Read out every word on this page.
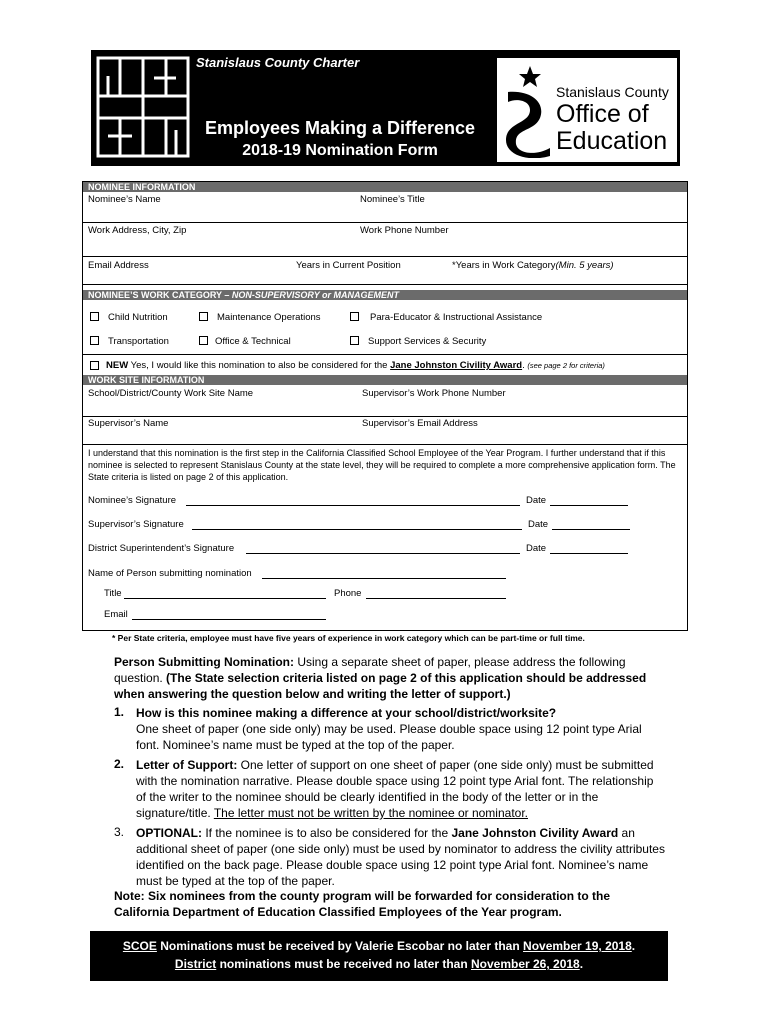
Stanislaus County Charter
Employees Making a Difference
2018-19 Nomination Form
Stanislaus County
Office of
Education
NOMINEE INFORMATION
Nominee’s Name	Nominee’s Title
Work Address, City, Zip	Work Phone Number
Email Address	Years in Current Position	*Years in Work Category(Min. 5 years)
NOMINEE’S WORK CATEGORY – NON-SUPERVISORY or MANAGEMENT
Child Nutrition	Maintenance Operations	Para-Educator & Instructional Assistance
Transportation	Office & Technical	Support Services & Security
NEW Yes, I would like this nomination to also be considered for the Jane Johnston Civility Award. (see page 2 for criteria)
WORK SITE INFORMATION
School/District/County Work Site Name	Supervisor’s Work Phone Number
Supervisor’s Name	Supervisor’s Email Address
I understand that this nomination is the first step in the California Classified School Employee of the Year Program. I further understand that if this nominee is selected to represent Stanislaus County at the state level, they will be required to complete a more comprehensive application form. The State criteria is listed on page 2 of this application.
Nominee’s Signature	Date
Supervisor’s Signature	Date
District Superintendent’s Signature	Date
Name of Person submitting nomination
Title	Phone
Email
* Per State criteria, employee must have five years of experience in work category which can be part-time or full time.
Person Submitting Nomination: Using a separate sheet of paper, please address the following question. (The State selection criteria listed on page 2 of this application should be addressed when answering the question below and writing the letter of support.)
1. How is this nominee making a difference at your school/district/worksite?
One sheet of paper (one side only) may be used. Please double space using 12 point type Arial font. Nominee’s name must be typed at the top of the paper.
2. Letter of Support: One letter of support on one sheet of paper (one side only) must be submitted with the nomination narrative. Please double space using 12 point type Arial font. The relationship of the writer to the nominee should be clearly identified in the body of the letter or in the signature/title. The letter must not be written by the nominee or nominator.
3. OPTIONAL: If the nominee is to also be considered for the Jane Johnston Civility Award an additional sheet of paper (one side only) must be used by nominator to address the civility attributes identified on the back page. Please double space using 12 point type Arial font. Nominee’s name must be typed at the top of the paper.
Note: Six nominees from the county program will be forwarded for consideration to the California Department of Education Classified Employees of the Year program.
SCOE Nominations must be received by Valerie Escobar no later than November 19, 2018.
District nominations must be received no later than November 26, 2018.
